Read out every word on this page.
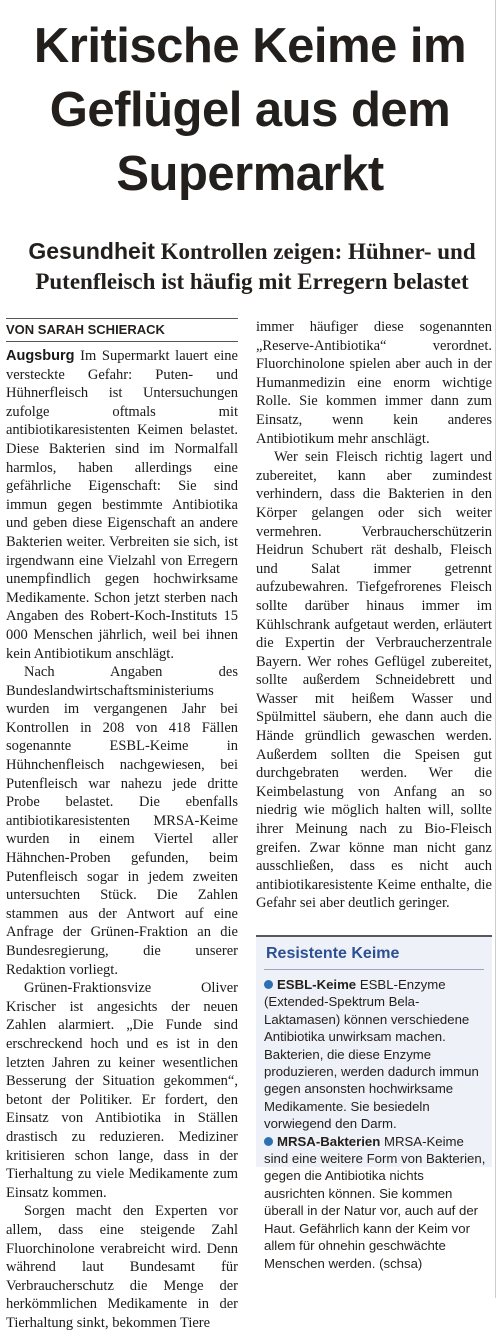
Kritische Keime im Geflügel aus dem Supermarkt
Gesundheit Kontrollen zeigen: Hühner- und Putenfleisch ist häufig mit Erregern belastet
VON SARAH SCHIERACK

Augsburg Im Supermarkt lauert eine versteckte Gefahr: Puten- und Hühnerfleisch ist Untersuchungen zufolge oftmals mit antibiotikaresistenten Keimen belastet. Diese Bakterien sind im Normalfall harmlos, haben allerdings eine gefährliche Eigenschaft: Sie sind immun gegen bestimmte Antibiotika und geben diese Eigenschaft an andere Bakterien weiter. Verbreiten sie sich, ist irgendwann eine Vielzahl von Erregern unempfindlich gegen hochwirksame Medikamente. Schon jetzt sterben nach Angaben des Robert-Koch-Instituts 15 000 Menschen jährlich, weil bei ihnen kein Antibiotikum anschlägt.

Nach Angaben des Bundeslandwirtschaftsministeriums wurden im vergangenen Jahr bei Kontrollen in 208 von 418 Fällen sogenannte ESBL-Keime in Hühnchenfleisch nachgewiesen, bei Putenfleisch war nahezu jede dritte Probe belastet. Die ebenfalls antibiotikaresistenten MRSA-Keime wurden in einem Viertel aller Hähnchen-Proben gefunden, beim Putenfleisch sogar in jedem zweiten untersuchten Stück. Die Zahlen stammen aus der Antwort auf eine Anfrage der Grünen-Fraktion an die Bundesregierung, die unserer Redaktion vorliegt.

Grünen-Fraktionsvize Oliver Krischer ist angesichts der neuen Zahlen alarmiert. „Die Funde sind erschreckend hoch und es ist in den letzten Jahren zu keiner wesentlichen Besserung der Situation gekommen“, betont der Politiker. Er fordert, den Einsatz von Antibiotika in Ställen drastisch zu reduzieren. Mediziner kritisieren schon lange, dass in der Tierhaltung zu viele Medikamente zum Einsatz kommen.

Sorgen macht den Experten vor allem, dass eine steigende Zahl Fluorchinolone verabreicht wird. Denn während laut Bundesamt für Verbraucherschutz die Menge der herkömmlichen Medikamente in der Tierhaltung sinkt, bekommen Tiere

immer häufiger diese sogenannten „Reserve-Antibiotika“ verordnet. Fluorchinolone spielen aber auch in der Humanmedizin eine enorm wichtige Rolle. Sie kommen immer dann zum Einsatz, wenn kein anderes Antibiotikum mehr anschlägt.

Wer sein Fleisch richtig lagert und zubereitet, kann aber zumindest verhindern, dass die Bakterien in den Körper gelangen oder sich weiter vermehren. Verbraucherschützerin Heidrun Schubert rät deshalb, Fleisch und Salat immer getrennt aufzubewahren. Tiefgefrorenes Fleisch sollte darüber hinaus immer im Kühlschrank aufgetaut werden, erläutert die Expertin der Verbraucherzentrale Bayern. Wer rohes Geflügel zubereitet, sollte außerdem Schneidebrett und Wasser mit heißem Wasser und Spülmittel säubern, ehe dann auch die Hände gründlich gewaschen werden. Außerdem sollten die Speisen gut durchgebraten werden. Wer die Keimbelastung von Anfang an so niedrig wie möglich halten will, sollte ihrer Meinung nach zu Bio-Fleisch greifen. Zwar könne man nicht ganz ausschließen, dass es nicht auch antibiotikaresistente Keime enthalte, die Gefahr sei aber deutlich geringer.

Resistente Keime

ESBL-Keime ESBL-Enzyme (Extended-Spektrum Bela-Laktamasen) können verschiedene Antibiotika unwirksam machen. Bakterien, die diese Enzyme produzieren, werden dadurch immun gegen ansonsten hochwirksame Medikamente. Sie besiedeln vorwiegend den Darm.

MRSA-Bakterien MRSA-Keime sind eine weitere Form von Bakterien, gegen die Antibiotika nichts ausrichten können. Sie kommen überall in der Natur vor, auch auf der Haut. Gefährlich kann der Keim vor allem für ohnehin geschwächte Menschen werden. (schsa)
